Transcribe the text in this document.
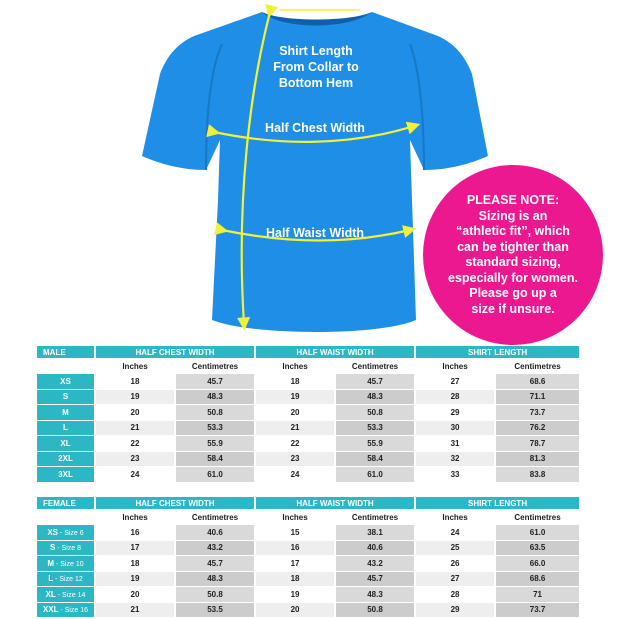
Shirt Length
From Collar to
Bottom Hem
Half Chest Width
Half Waist Width
PLEASE NOTE:
Sizing is an
“athletic fit”, which
can be tighter than
standard sizing,
especially for women.
Please go up a
size if unsure.
MALE	HALF CHEST WIDTH		HALF WAIST WIDTH		SHIRT LENGTH	
	Inches	Centimetres	Inches	Centimetres	Inches	Centimetres
XS	18	45.7	18	45.7	27	68.6
S	19	48.3	19	48.3	28	71.1
M	20	50.8	20	50.8	29	73.7
L	21	53.3	21	53.3	30	76.2
XL	22	55.9	22	55.9	31	78.7
2XL	23	58.4	23	58.4	32	81.3
3XL	24	61.0	24	61.0	33	83.8
FEMALE	HALF CHEST WIDTH		HALF WAIST WIDTH		SHIRT LENGTH	
	Inches	Centimetres	Inches	Centimetres	Inches	Centimetres
XS - Size 6	16	40.6	15	38.1	24	61.0
S - Size 8	17	43.2	16	40.6	25	63.5
M - Size 10	18	45.7	17	43.2	26	66.0
L - Size 12	19	48.3	18	45.7	27	68.6
XL - Size 14	20	50.8	19	48.3	28	71
XXL - Size 16	21	53.5	20	50.8	29	73.7
